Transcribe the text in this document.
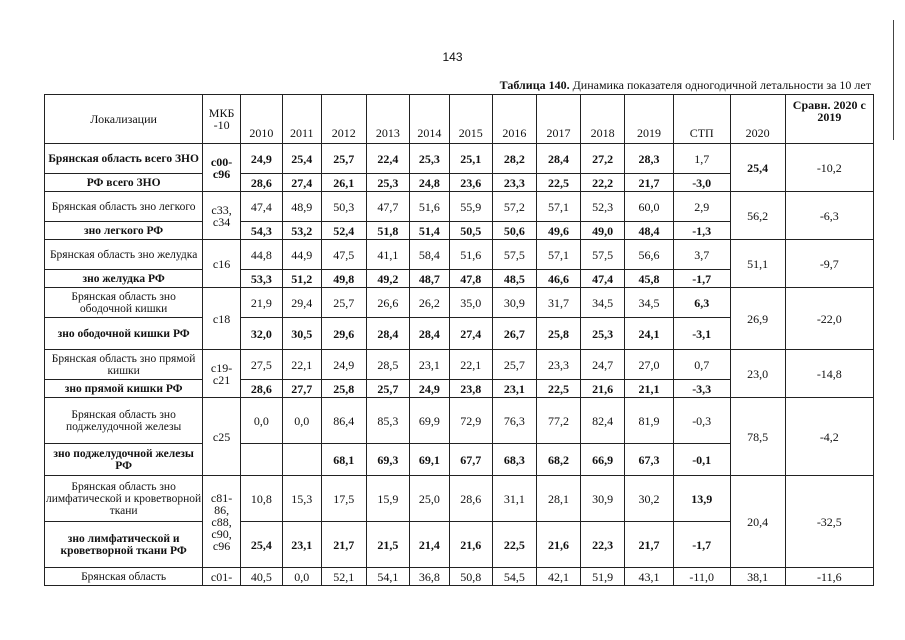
143
Таблица 140. Динамика показателя одногодичной летальности за 10 лет
Локализации	МКБ -10	2010	2011	2012	2013	2014	2015	2016	2017	2018	2019	СТП	2020	Сравн. 2020 с 2019
Брянская область всего ЗНО	с00-с96	24,9	25,4	25,7	22,4	25,3	25,1	28,2	28,4	27,2	28,3	1,7	25,4	-10,2
РФ всего ЗНО		28,6	27,4	26,1	25,3	24,8	23,6	23,3	22,5	22,2	21,7	-3,0		
Брянская область зно легкого	с33, с34	47,4	48,9	50,3	47,7	51,6	55,9	57,2	57,1	52,3	60,0	2,9	56,2	-6,3
зно легкого РФ		54,3	53,2	52,4	51,8	51,4	50,5	50,6	49,6	49,0	48,4	-1,3		
Брянская область зно желудка	с16	44,8	44,9	47,5	41,1	58,4	51,6	57,5	57,1	57,5	56,6	3,7	51,1	-9,7
зно желудка РФ		53,3	51,2	49,8	49,2	48,7	47,8	48,5	46,6	47,4	45,8	-1,7		
Брянская область зно ободочной кишки	с18	21,9	29,4	25,7	26,6	26,2	35,0	30,9	31,7	34,5	34,5	6,3	26,9	-22,0
зно ободочной кишки РФ		32,0	30,5	29,6	28,4	28,4	27,4	26,7	25,8	25,3	24,1	-3,1		
Брянская область зно прямой кишки	с19-с21	27,5	22,1	24,9	28,5	23,1	22,1	25,7	23,3	24,7	27,0	0,7	23,0	-14,8
зно прямой кишки РФ		28,6	27,7	25,8	25,7	24,9	23,8	23,1	22,5	21,6	21,1	-3,3		
Брянская область зно поджелудочной железы	с25	0,0	0,0	86,4	85,3	69,9	72,9	76,3	77,2	82,4	81,9	-0,3	78,5	-4,2
зно поджелудочной железы РФ				68,1	69,3	69,1	67,7	68,3	68,2	66,9	67,3	-0,1		
Брянская область зно лимфатической и кроветворной ткани	с81-86, с88, с90, с96	10,8	15,3	17,5	15,9	25,0	28,6	31,1	28,1	30,9	30,2	13,9	20,4	-32,5
зно лимфатической и кроветворной ткани РФ		25,4	23,1	21,7	21,5	21,4	21,6	22,5	21,6	22,3	21,7	-1,7		
Брянская область	с01-	40,5	0,0	52,1	54,1	36,8	50,8	54,5	42,1	51,9	43,1	-11,0	38,1	-11,6
